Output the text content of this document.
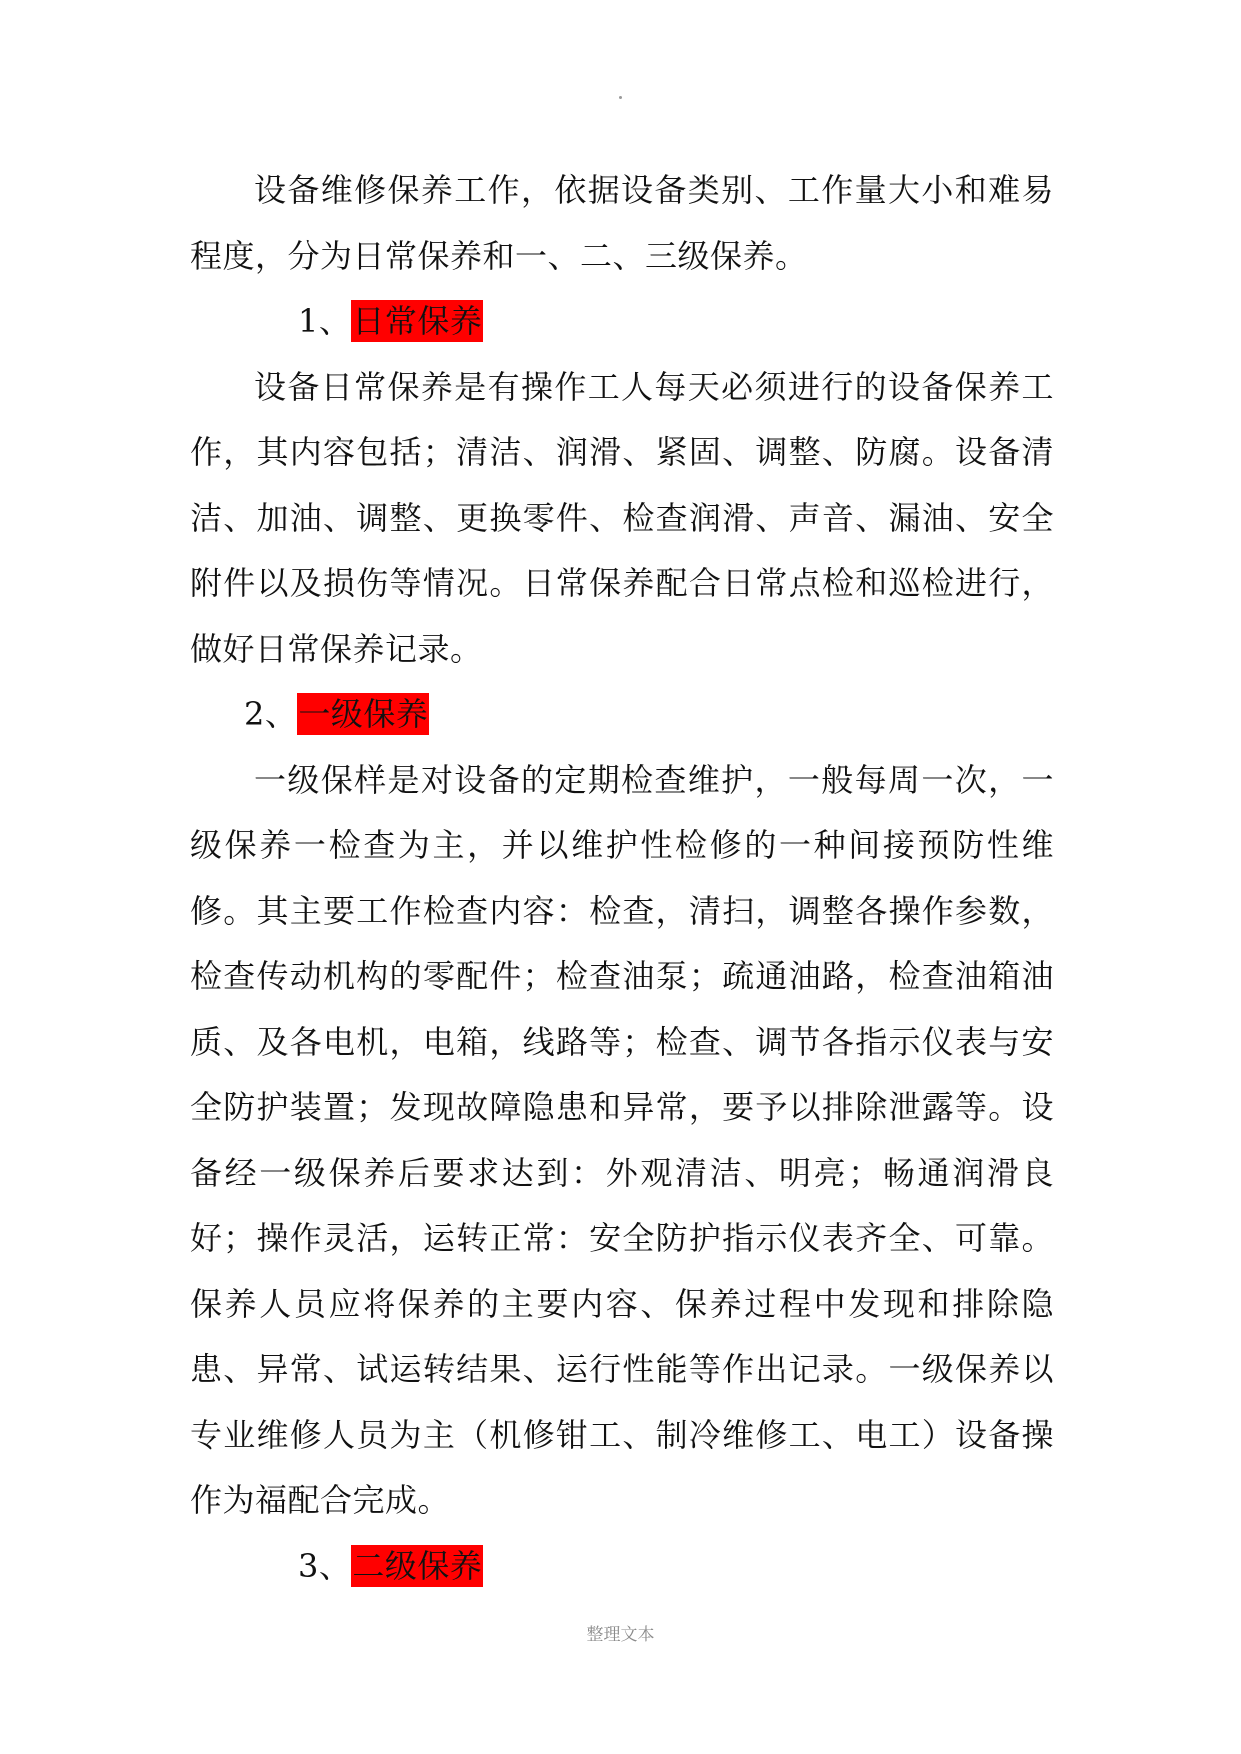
设备维修保养工作，依据设备类别、工作量大小和难易程度，分为日常保养和一、二、三级保养。

1、日常保养

设备日常保养是有操作工人每天必须进行的设备保养工作，其内容包括；清洁、润滑、紧固、调整、防腐。设备清洁、加油、调整、更换零件、检查润滑、声音、漏油、安全附件以及损伤等情况。日常保养配合日常点检和巡检进行，做好日常保养记录。

2、一级保养

一级保样是对设备的定期检查维护，一般每周一次，一级保养一检查为主，并以维护性检修的一种间接预防性维修。其主要工作检查内容：检查，清扫，调整各操作参数，检查传动机构的零配件；检查油泵；疏通油路，检查油箱油质、及各电机，电箱，线路等；检查、调节各指示仪表与安全防护装置；发现故障隐患和异常，要予以排除泄露等。设备经一级保养后要求达到：外观清洁、明亮；畅通润滑良好；操作灵活，运转正常：安全防护指示仪表齐全、可靠。保养人员应将保养的主要内容、保养过程中发现和排除隐患、异常、试运转结果、运行性能等作出记录。一级保养以专业维修人员为主（机修钳工、制冷维修工、电工）设备操作为福配合完成。

3、二级保养

整理文本
